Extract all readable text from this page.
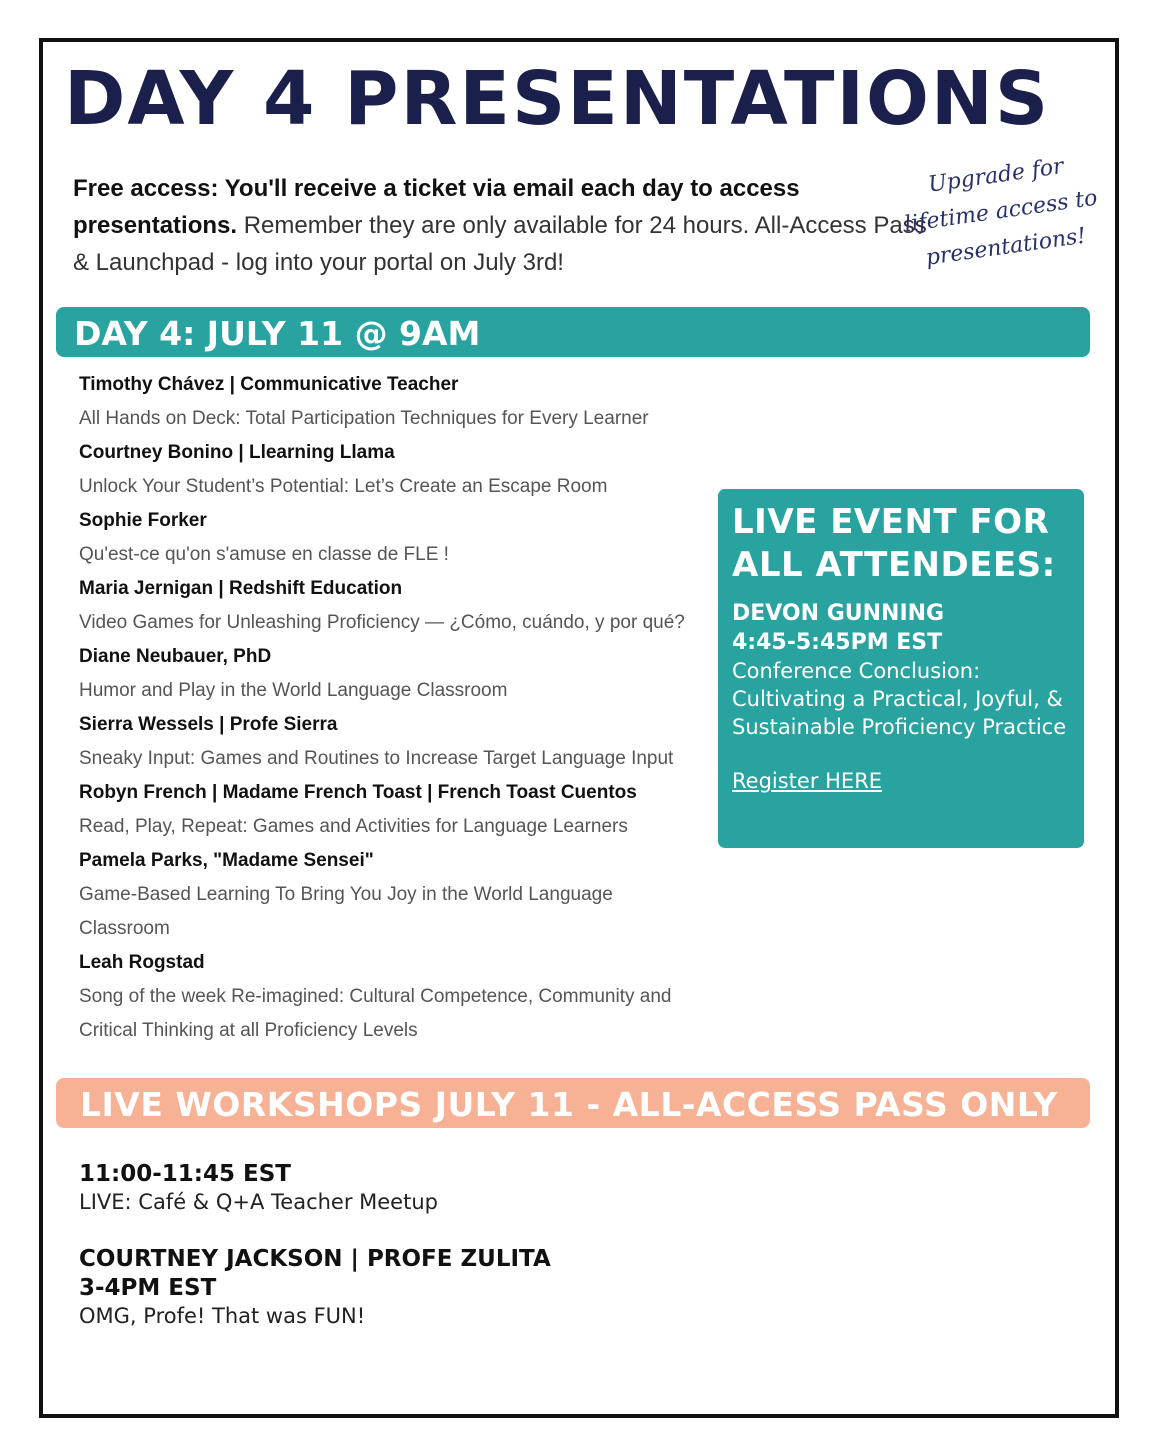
DAY 4 PRESENTATIONS

Free access: You'll receive a ticket via email each day to access presentations. Remember they are only available for 24 hours. All-Access Pass & Launchpad - log into your portal on July 3rd!

Upgrade for lifetime access to presentations!
DAY 4: JULY 11 @ 9AM
Timothy Chávez | Communicative Teacher
All Hands on Deck: Total Participation Techniques for Every Learner
Courtney Bonino | Llearning Llama
Unlock Your Student’s Potential: Let’s Create an Escape Room
Sophie Forker
Qu'est-ce qu'on s'amuse en classe de FLE !
Maria Jernigan | Redshift Education
Video Games for Unleashing Proficiency — ¿Cómo, cuándo, y por qué?
Diane Neubauer, PhD
Humor and Play in the World Language Classroom
Sierra Wessels | Profe Sierra
Sneaky Input: Games and Routines to Increase Target Language Input
Robyn French | Madame French Toast | French Toast Cuentos
Read, Play, Repeat: Games and Activities for Language Learners
Pamela Parks, "Madame Sensei"
Game-Based Learning To Bring You Joy in the World Language Classroom
Leah Rogstad
Song of the week Re-imagined: Cultural Competence, Community and Critical Thinking at all Proficiency Levels
LIVE EVENT FOR ALL ATTENDEES:
DEVON GUNNING
4:45-5:45PM EST

Conference Conclusion: Cultivating a Practical, Joyful, & Sustainable Proficiency Practice

Register HERE
LIVE WORKSHOPS JULY 11 - ALL-ACCESS PASS ONLY
11:00-11:45 EST
LIVE: Café & Q+A Teacher Meetup
COURTNEY JACKSON | PROFE ZULITA
3-4PM EST
OMG, Profe! That was FUN!
